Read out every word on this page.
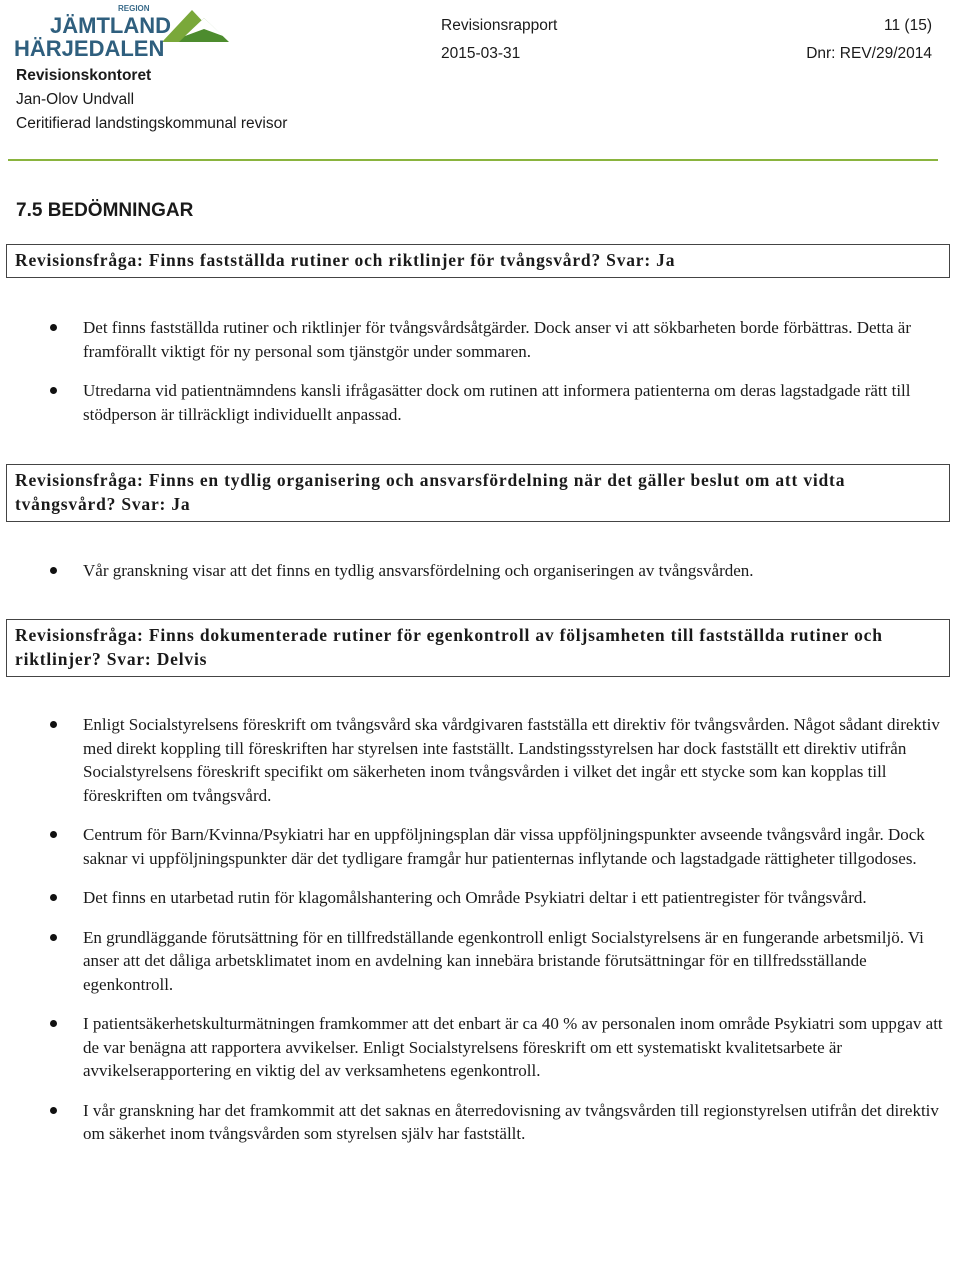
REGION
JÄMTLAND
HÄRJEDALEN
Revisionskontoret
Jan-Olov Undvall
Ceritifierad landstingskommunal revisor
Revisionsrapport
2015-03-31
11 (15)
Dnr: REV/29/2014
7.5 BEDÖMNINGAR
Revisionsfråga: Finns fastställda rutiner och riktlinjer för tvångsvård? Svar: Ja
Det finns fastställda rutiner och riktlinjer för tvångsvårdsåtgärder. Dock anser vi att sökbarheten borde förbättras. Detta är framförallt viktigt för ny personal som tjänstgör under sommaren.
Utredarna vid patientnämndens kansli ifrågasätter dock om rutinen att informera patienterna om deras lagstadgade rätt till stödperson är tillräckligt individuellt anpassad.
Revisionsfråga: Finns en tydlig organisering och ansvarsfördelning när det gäller beslut om att vidta tvångsvård? Svar: Ja
Vår granskning visar att det finns en tydlig ansvarsfördelning och organiseringen av tvångsvården.
Revisionsfråga: Finns dokumenterade rutiner för egenkontroll av följsamheten till fastställda rutiner och riktlinjer? Svar: Delvis
Enligt Socialstyrelsens föreskrift om tvångsvård ska vårdgivaren fastställa ett direktiv för tvångsvården. Något sådant direktiv med direkt koppling till föreskriften har styrelsen inte fastställt. Landstingsstyrelsen har dock fastställt ett direktiv utifrån Socialstyrelsens föreskrift specifikt om säkerheten inom tvångsvården i vilket det ingår ett stycke som kan kopplas till föreskriften om tvångsvård.
Centrum för Barn/Kvinna/Psykiatri har en uppföljningsplan där vissa uppföljningspunkter avseende tvångsvård ingår. Dock saknar vi uppföljningspunkter där det tydligare framgår hur patienternas inflytande och lagstadgade rättigheter tillgodoses.
Det finns en utarbetad rutin för klagomålshantering och Område Psykiatri deltar i ett patientregister för tvångsvård.
En grundläggande förutsättning för en tillfredställande egenkontroll enligt Socialstyrelsens är en fungerande arbetsmiljö. Vi anser att det dåliga arbetsklimatet inom en avdelning kan innebära bristande förutsättningar för en tillfredsställande egenkontroll.
I patientsäkerhetskulturmätningen framkommer att det enbart är ca 40 % av personalen inom område Psykiatri som uppgav att de var benägna att rapportera avvikelser. Enligt Socialstyrelsens föreskrift om ett systematiskt kvalitetsarbete är avvikelserapportering en viktig del av verksamhetens egenkontroll.
I vår granskning har det framkommit att det saknas en återredovisning av tvångsvården till regionstyrelsen utifrån det direktiv om säkerhet inom tvångsvården som styrelsen själv har fastställt.
